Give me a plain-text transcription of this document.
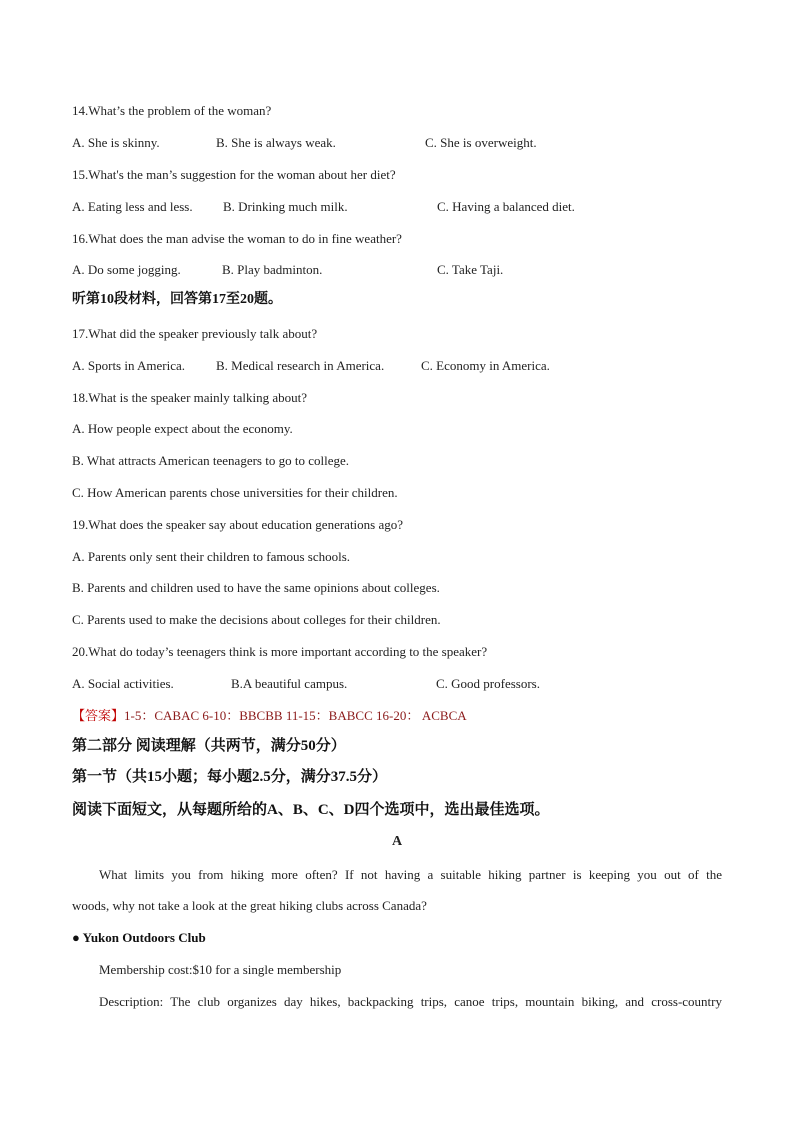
14.What’s the problem of the woman?
A. She is skinny.	B. She is always weak.	C. She is overweight.
15.What's the man’s suggestion for the woman about her diet?
A. Eating less and less. B. Drinking much milk.	C. Having a balanced diet.
16.What does the man advise the woman to do in fine weather?
A. Do some jogging.	B. Play badminton.	C. Take Taji.
听第10段材料，回答第17至20题。
17.What did the speaker previously talk about?
A. Sports in America. B. Medical research in America.	C. Economy in America.
18.What is the speaker mainly talking about?
A. How people expect about the economy.
B. What attracts American teenagers to go to college.
C. How American parents chose universities for their children.
19.What does the speaker say about education generations ago?
A. Parents only sent their children to famous schools.
B. Parents and children used to have the same opinions about colleges.
C. Parents used to make the decisions about colleges for their children.
20.What do today’s teenagers think is more important according to the speaker?
A. Social activities.	B.A beautiful campus.	C. Good professors.
【答案】1-5：CABAC 6-10：BBCBB 11-15：BABCC 16-20： ACBCA
第二部分 阅读理解（共两节，满分50分）
第一节（共15小题；每小题2.5分，满分37.5分）
阅读下面短文，从每题所给的A、B、C、D四个选项中，选出最佳选项。
A
What limits you from hiking more often? If not having a suitable hiking partner is keeping you out of the
woods, why not take a look at the great hiking clubs across Canada?
● Yukon Outdoors Club
Membership cost:$10 for a single membership
Description: The club organizes day hikes, backpacking trips, canoe trips, mountain biking, and cross-country
